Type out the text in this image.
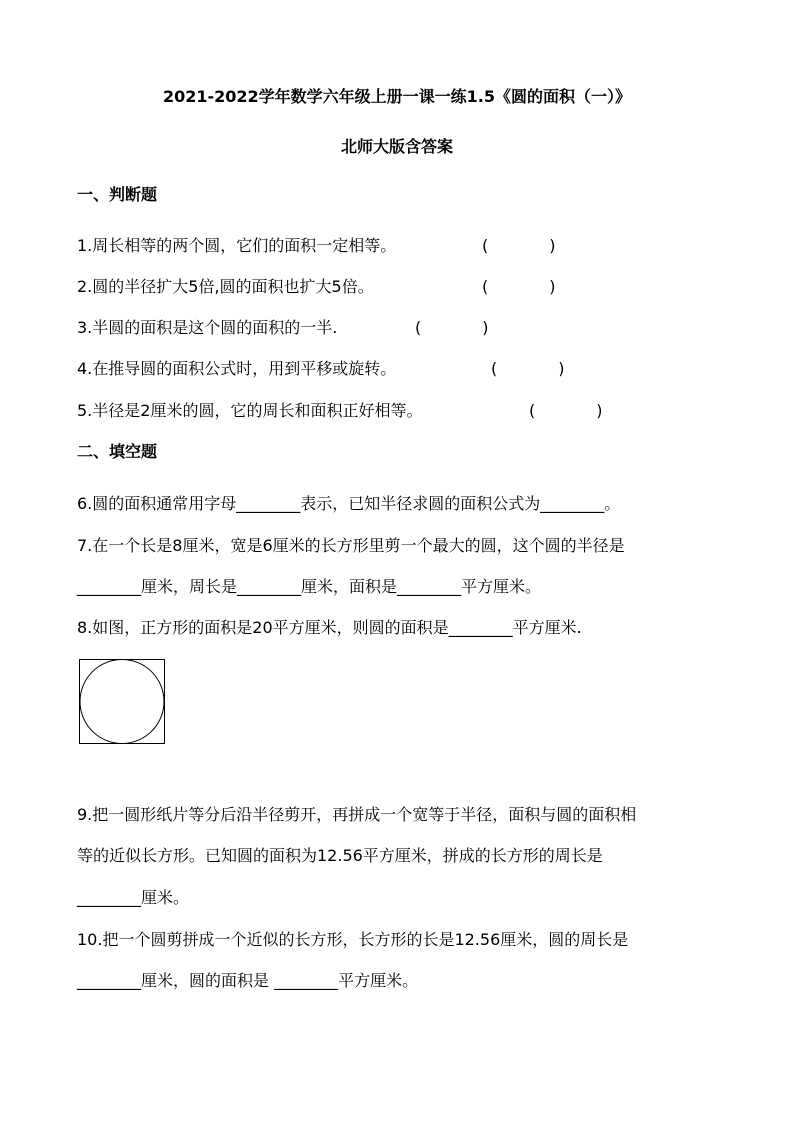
2021-2022学年数学六年级上册一课一练1.5《圆的面积（一）》
北师大版含答案
一、判断题
1.周长相等的两个圆，它们的面积一定相等。	(            )
2.圆的半径扩大5倍,圆的面积也扩大5倍。	(            )
3.半圆的面积是这个圆的面积的一半.	(            )
4.在推导圆的面积公式时，用到平移或旋转。	(            )
5.半径是2厘米的圆，它的周长和面积正好相等。	(            )
二、填空题
6.圆的面积通常用字母________表示，已知半径求圆的面积公式为________。
7.在一个长是8厘米，宽是6厘米的长方形里剪一个最大的圆，这个圆的半径是
________厘米，周长是________厘米，面积是________平方厘米。
8.如图，正方形的面积是20平方厘米，则圆的面积是________平方厘米.
9.把一圆形纸片等分后沿半径剪开，再拼成一个宽等于半径，面积与圆的面积相
等的近似长方形。已知圆的面积为12.56平方厘米，拼成的长方形的周长是
________厘米。
10.把一个圆剪拼成一个近似的长方形，长方形的长是12.56厘米，圆的周长是
________厘米，圆的面积是 ________平方厘米。
